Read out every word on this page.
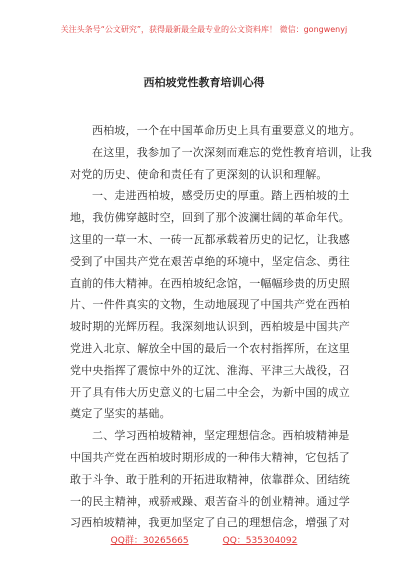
关注头条号“公文研究”，获得最新最全最专业的公文资料库！ 微信：gongwenyj
西柏坡党性教育培训心得
西柏坡，一个在中国革命历史上具有重要意义的地方。
在这里，我参加了一次深刻而难忘的党性教育培训，让我
对党的历史、使命和责任有了更深刻的认识和理解。
一、走进西柏坡，感受历史的厚重。踏上西柏坡的土
地，我仿佛穿越时空，回到了那个波澜壮阔的革命年代。
这里的一草一木、一砖一瓦都承载着历史的记忆，让我感
受到了中国共产党在艰苦卓绝的环境中，坚定信念、勇往
直前的伟大精神。在西柏坡纪念馆，一幅幅珍贵的历史照
片、一件件真实的文物，生动地展现了中国共产党在西柏
坡时期的光辉历程。我深刻地认识到，西柏坡是中国共产
党进入北京、解放全中国的最后一个农村指挥所，在这里
党中央指挥了震惊中外的辽沈、淮海、平津三大战役，召
开了具有伟大历史意义的七届二中全会，为新中国的成立
奠定了坚实的基础。
二、学习西柏坡精神，坚定理想信念。西柏坡精神是
中国共产党在西柏坡时期形成的一种伟大精神，它包括了
敢于斗争、敢于胜利的开拓进取精神，依靠群众、团结统
一的民主精神，戒骄戒躁、艰苦奋斗的创业精神。通过学
习西柏坡精神，我更加坚定了自己的理想信念，增强了对
QQ群：30265665	QQ：535304092
